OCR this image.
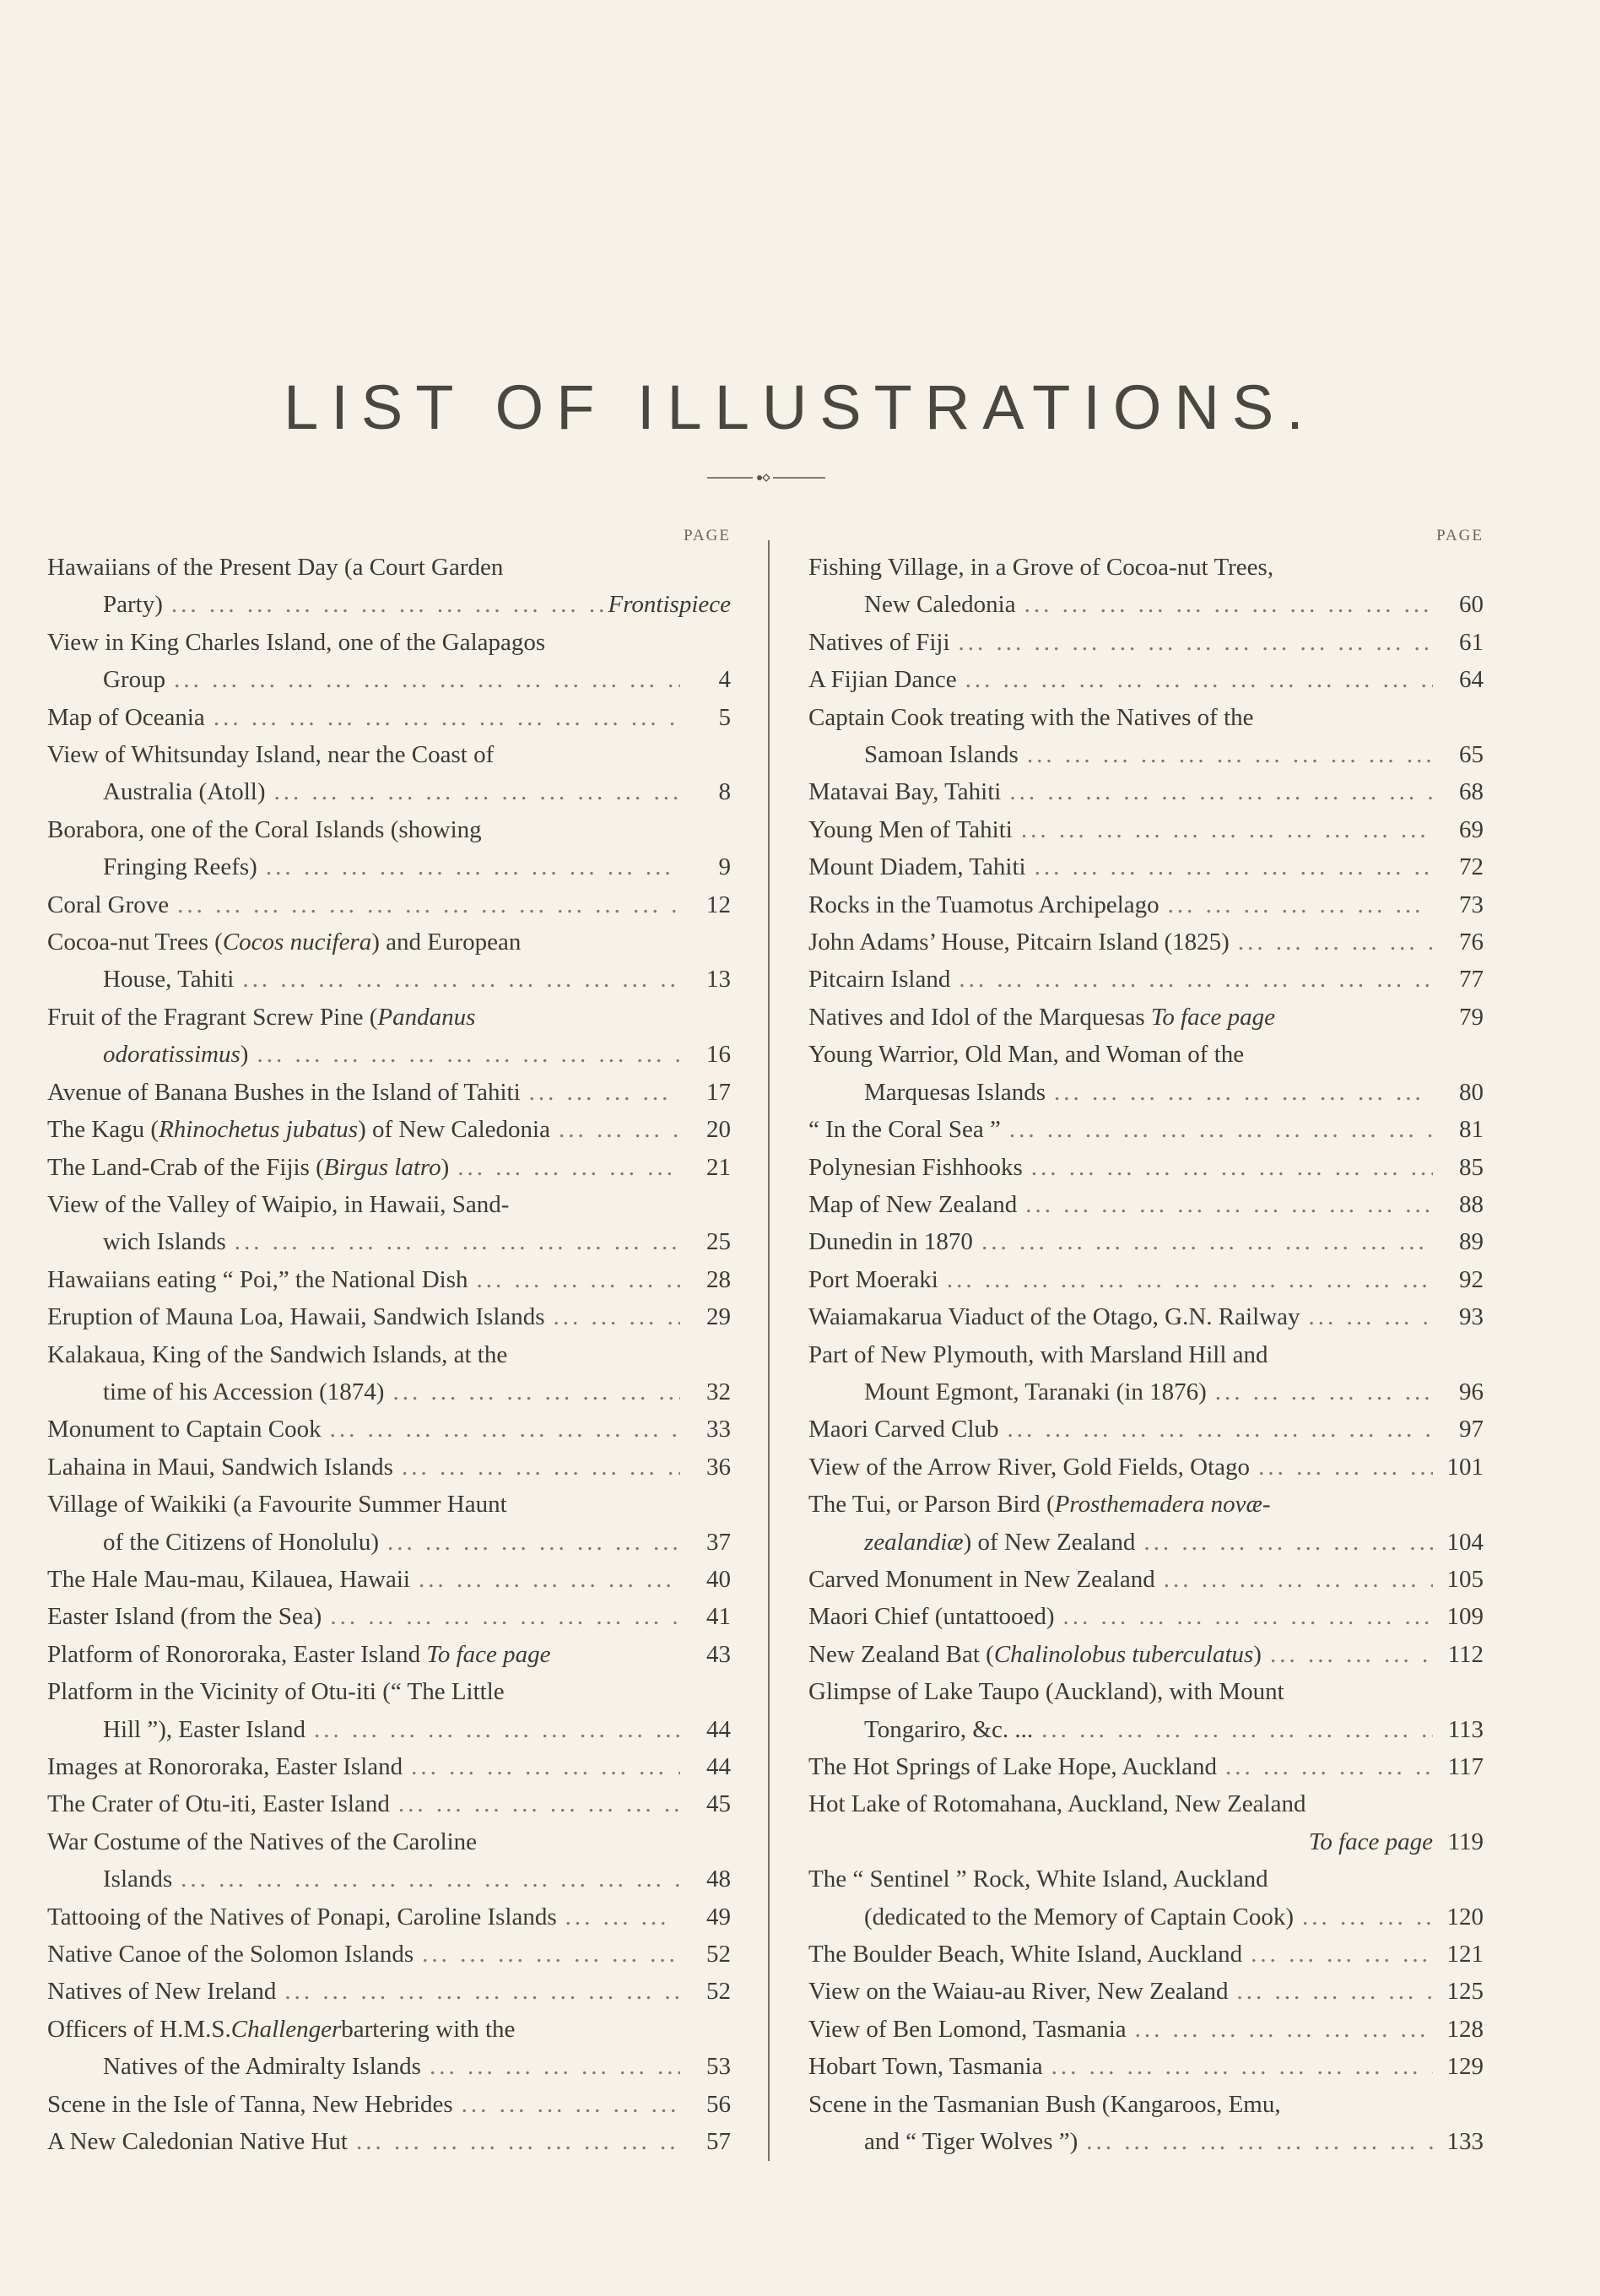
LIST OF ILLUSTRATIONS.
PAGE
Hawaiians of the Present Day (a Court Garden
Party) ... .	Frontispiece
View in King Charles Island, one of the Galapagos
Group ... .	4
Map of Oceania ... .	5
View of Whitsunday Island, near the Coast of
Australia (Atoll) ... .	8
Borabora, one of the Coral Islands (showing
Fringing Reefs) ... .	9
Coral Grove ... .	12
Cocoa-nut Trees ( Cocos nucifera ) and European
House, Tahiti ... .	13
Fruit of the Fragrant Screw Pine ( Pandanus
odoratissimus) ... .	16
Avenue of Banana Bushes in the Island of Tahiti ... .	17
The Kagu (Rhinochetus jubatus) of New Caledonia ... .	20
The Land-Crab of the Fijis (Birgus latro) ... .	21
View of the Valley of Waipio, in Hawaii, Sand-
wich Islands ... .	25
Hawaiians eating “ Poi,” the National Dish ... .	28
Eruption of Mauna Loa, Hawaii, Sandwich Islands ... .	29
Kalakaua, King of the Sandwich Islands, at the
time of his Accession (1874) ... .	32
Monument to Captain Cook ... .	33
Lahaina in Maui, Sandwich Islands ... .	36
Village of Waikiki (a Favourite Summer Haunt
of the Citizens of Honolulu) ... .	37
The Hale Mau-mau, Kilauea, Hawaii ... .	40
Easter Island (from the Sea) ... .	41
Platform of Ronororaka, Easter Island To face page	43
Platform in the Vicinity of Otu-iti (“ The Little
Hill ”), Easter Island ... .	44
Images at Ronororaka, Easter Island ... .	44
The Crater of Otu-iti, Easter Island ... .	45
War Costume of the Natives of the Caroline
Islands ... .	48
Tattooing of the Natives of Ponapi, Caroline Islands ... .	49
Native Canoe of the Solomon Islands ... .	52
Natives of New Ireland ... .	52
Officers of H.M.S. Challenger bartering with the
Natives of the Admiralty Islands ... .	53
Scene in the Isle of Tanna, New Hebrides ... .	56
A New Caledonian Native Hut ... .	57
PAGE
Fishing Village, in a Grove of Cocoa-nut Trees,
New Caledonia ... .	60
Natives of Fiji ... .	61
A Fijian Dance ... .	64
Captain Cook treating with the Natives of the
Samoan Islands ... .	65
Matavai Bay, Tahiti ... .	68
Young Men of Tahiti ... .	69
Mount Diadem, Tahiti ... .	72
Rocks in the Tuamotus Archipelago ... .	73
John Adams’ House, Pitcairn Island (1825) ... .	76
Pitcairn Island ... .	77
Natives and Idol of the Marquesas To face page	79
Young Warrior, Old Man, and Woman of the
Marquesas Islands ... .	80
“ In the Coral Sea ” ... .	81
Polynesian Fishhooks ... .	85
Map of New Zealand ... .	88
Dunedin in 1870 ... .	89
Port Moeraki ... .	92
Waiamakarua Viaduct of the Otago, G.N. Railway ... .	93
Part of New Plymouth, with Marsland Hill and
Mount Egmont, Taranaki (in 1876) ... .	96
Maori Carved Club ... .	97
View of the Arrow River, Gold Fields, Otago ... .	101
The Tui, or Parson Bird ( Prosthemadera novæ-
zealandiæ) of New Zealand ... .	104
Carved Monument in New Zealand ... .	105
Maori Chief (untattooed) ... .	109
New Zealand Bat (Chalinolobus tuberculatus) ... .	112
Glimpse of Lake Taupo (Auckland), with Mount
Tongariro, &c. ... ... .	113
The Hot Springs of Lake Hope, Auckland ... .	117
Hot Lake of Rotomahana, Auckland, New Zealand
To face page 119
The “ Sentinel ” Rock, White Island, Auckland
(dedicated to the Memory of Captain Cook) ... .	120
The Boulder Beach, White Island, Auckland ... .	121
View on the Waiau-au River, New Zealand ... .	125
View of Ben Lomond, Tasmania ... .	128
Hobart Town, Tasmania ... .	129
Scene in the Tasmanian Bush (Kangaroos, Emu,
and “ Tiger Wolves ”) ... .	133
